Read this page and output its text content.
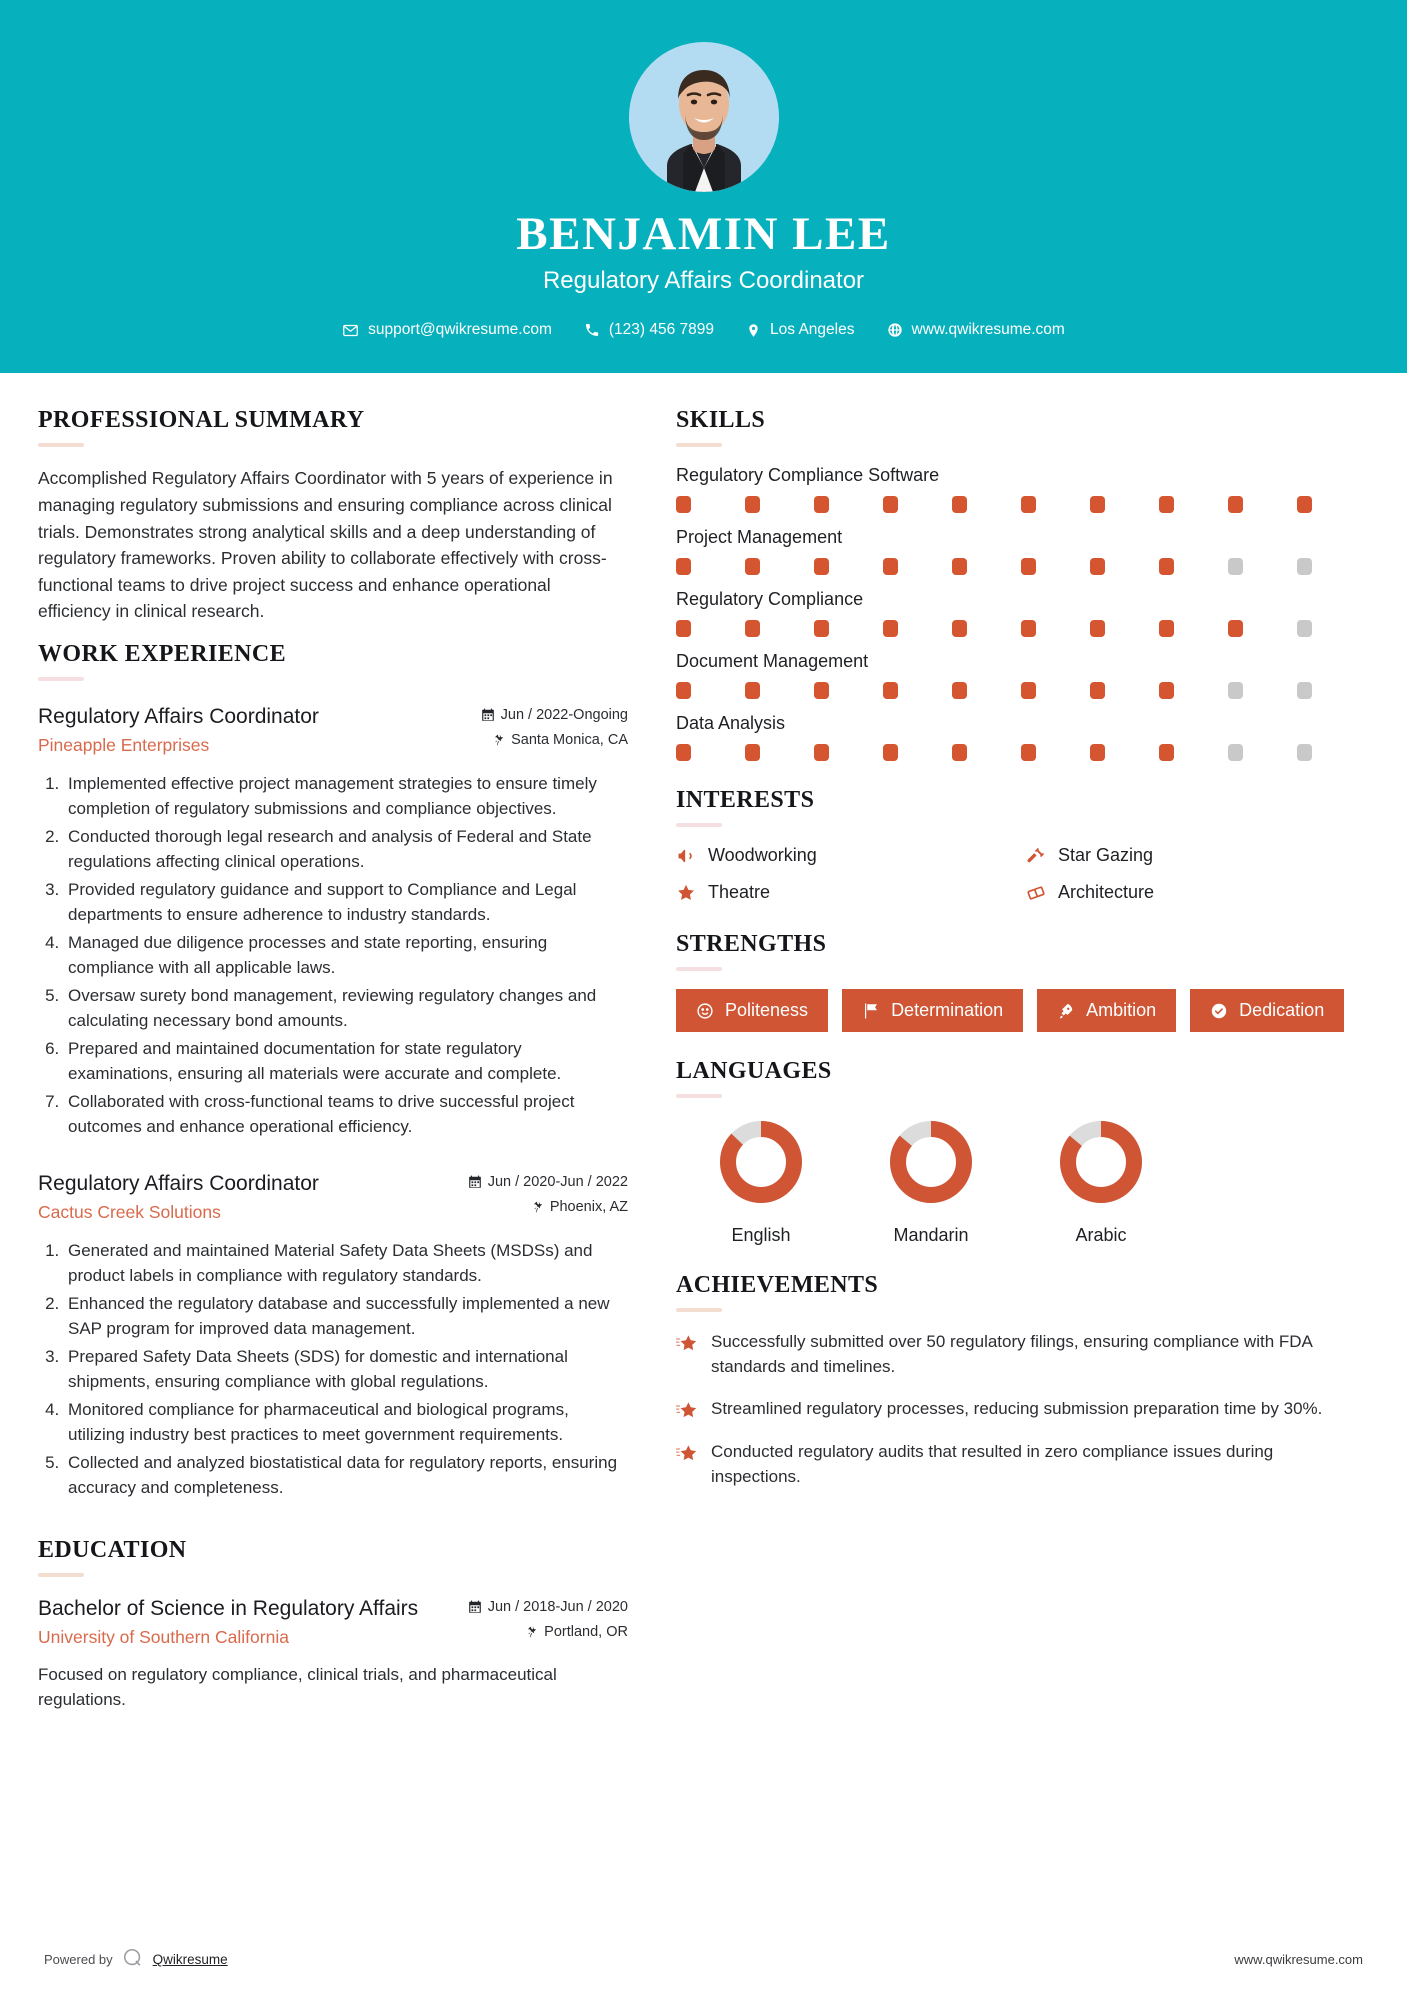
BENJAMIN LEE
Regulatory Affairs Coordinator
support@qwikresume.com	(123) 456 7899	Los Angeles	www.qwikresume.com
PROFESSIONAL SUMMARY

Accomplished Regulatory Affairs Coordinator with 5 years of experience in managing regulatory submissions and ensuring compliance across clinical trials. Demonstrates strong analytical skills and a deep understanding of regulatory frameworks. Proven ability to collaborate effectively with cross-functional teams to drive project success and enhance operational efficiency in clinical research.

WORK EXPERIENCE
Regulatory Affairs Coordinator
Pineapple Enterprises
Jun / 2022-Ongoing
Santa Monica, CA
1. Implemented effective project management strategies to ensure timely completion of regulatory submissions and compliance objectives.
2. Conducted thorough legal research and analysis of Federal and State regulations affecting clinical operations.
3. Provided regulatory guidance and support to Compliance and Legal departments to ensure adherence to industry standards.
4. Managed due diligence processes and state reporting, ensuring compliance with all applicable laws.
5. Oversaw surety bond management, reviewing regulatory changes and calculating necessary bond amounts.
6. Prepared and maintained documentation for state regulatory examinations, ensuring all materials were accurate and complete.
7. Collaborated with cross-functional teams to drive successful project outcomes and enhance operational efficiency.
Regulatory Affairs Coordinator
Cactus Creek Solutions
Jun / 2020-Jun / 2022
Phoenix, AZ
1. Generated and maintained Material Safety Data Sheets (MSDSs) and product labels in compliance with regulatory standards.
2. Enhanced the regulatory database and successfully implemented a new SAP program for improved data management.
3. Prepared Safety Data Sheets (SDS) for domestic and international shipments, ensuring compliance with global regulations.
4. Monitored compliance for pharmaceutical and biological programs, utilizing industry best practices to meet government requirements.
5. Collected and analyzed biostatistical data for regulatory reports, ensuring accuracy and completeness.
EDUCATION
Bachelor of Science in Regulatory Affairs
University of Southern California
Jun / 2018-Jun / 2020
Portland, OR

Focused on regulatory compliance, clinical trials, and pharmaceutical regulations.

SKILLS
Regulatory Compliance Software
Project Management
Regulatory Compliance
Document Management
Data Analysis
INTERESTS
Woodworking	Star Gazing
Theatre	Architecture
STRENGTHS
Politeness	Determination	Ambition	Dedication
LANGUAGES
English	Mandarin	Arabic
ACHIEVEMENTS
Successfully submitted over 50 regulatory filings, ensuring compliance with FDA standards and timelines.
Streamlined regulatory processes, reducing submission preparation time by 30%.
Conducted regulatory audits that resulted in zero compliance issues during inspections.
Powered by	Qwikresume	www.qwikresume.com
